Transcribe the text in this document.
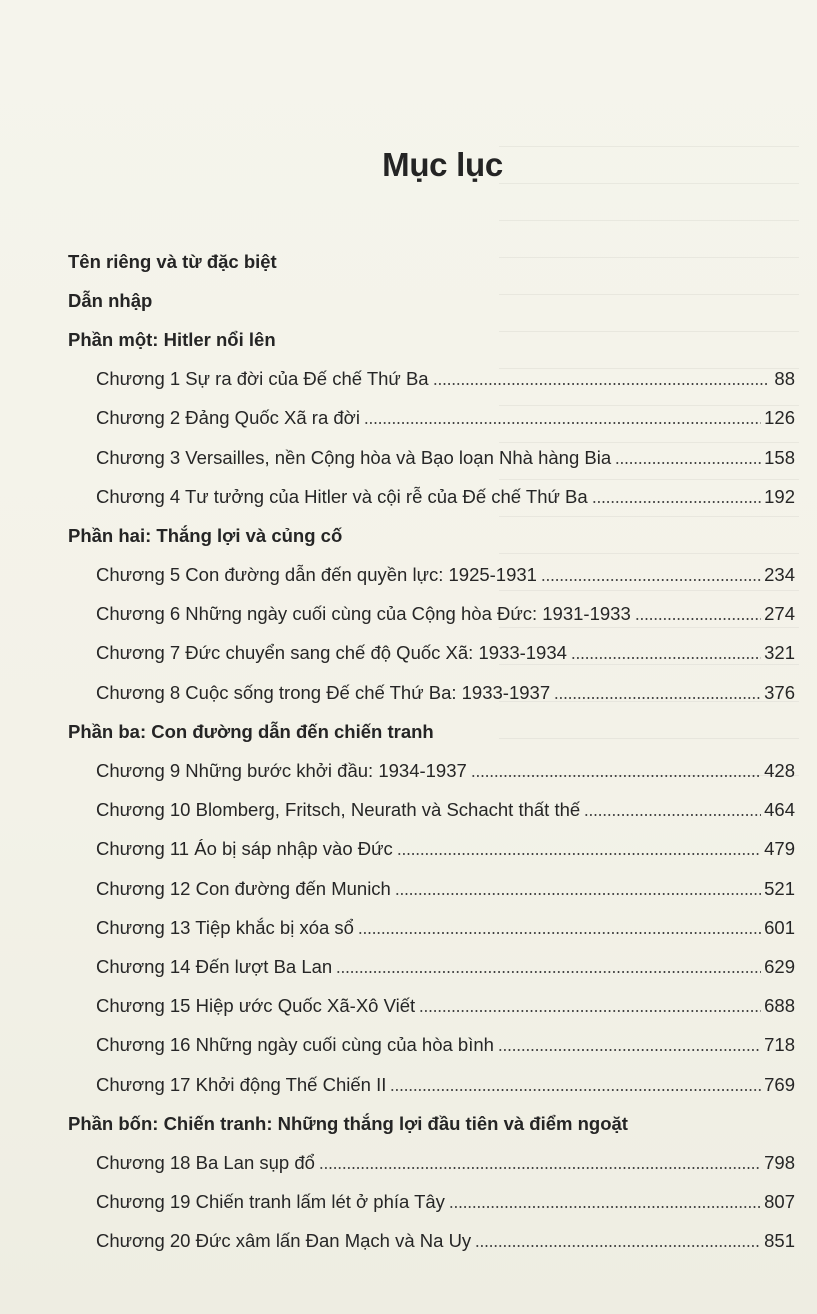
Mục lục
Tên riêng và từ đặc biệt
Dẫn nhập
Phần một: Hitler nổi lên
Chương 1 Sự ra đời của Đế chế Thứ Ba	88
Chương 2 Đảng Quốc Xã ra đời	126
Chương 3 Versailles, nền Cộng hòa và Bạo loạn Nhà hàng Bia	158
Chương 4 Tư tưởng của Hitler và cội rễ của Đế chế Thứ Ba	192
Phần hai: Thắng lợi và củng cố
Chương 5 Con đường dẫn đến quyền lực: 1925-1931	234
Chương 6 Những ngày cuối cùng của Cộng hòa Đức: 1931-1933	274
Chương 7 Đức chuyển sang chế độ Quốc Xã: 1933-1934	321
Chương 8 Cuộc sống trong Đế chế Thứ Ba: 1933-1937	376
Phần ba: Con đường dẫn đến chiến tranh
Chương 9 Những bước khởi đầu: 1934-1937	428
Chương 10 Blomberg, Fritsch, Neurath và Schacht thất thế	464
Chương 11 Áo bị sáp nhập vào Đức	479
Chương 12 Con đường đến Munich	521
Chương 13 Tiệp khắc bị xóa sổ	601
Chương 14 Đến lượt Ba Lan	629
Chương 15 Hiệp ước Quốc Xã-Xô Viết	688
Chương 16 Những ngày cuối cùng của hòa bình	718
Chương 17 Khởi động Thế Chiến II	769
Phần bốn: Chiến tranh: Những thắng lợi đầu tiên và điểm ngoặt
Chương 18 Ba Lan sụp đổ	798
Chương 19 Chiến tranh lấm lét ở phía Tây	807
Chương 20 Đức xâm lấn Đan Mạch và Na Uy	851
